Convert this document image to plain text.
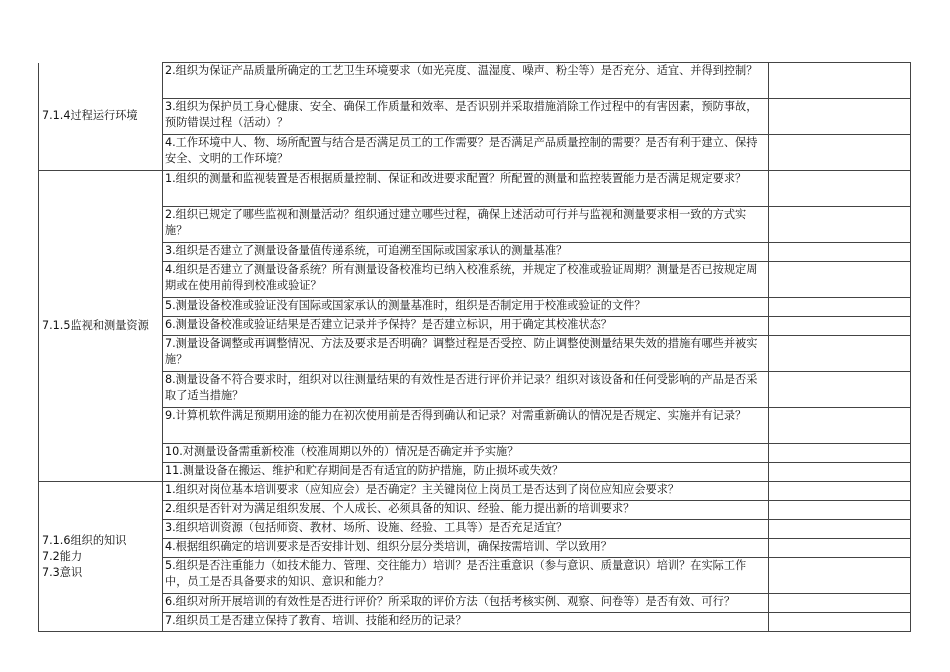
7.1.4过程运行环境	2.组织为保证产品质量所确定的工艺卫生环境要求（如光亮度、温湿度、噪声、粉尘等）是否充分、适宜、并得到控制？	
	3.组织为保护员工身心健康、安全、确保工作质量和效率、是否识别并采取措施消除工作过程中的有害因素，预防事故，预防错误过程（活动）？	
	4.工作环境中人、物、场所配置与结合是否满足员工的工作需要？是否满足产品质量控制的需要？是否有利于建立、保持安全、文明的工作环境？	

7.1.5监视和测量资源	1.组织的测量和监视装置是否根据质量控制、保证和改进要求配置？所配置的测量和监控装置能力是否满足规定要求？	
	2.组织已规定了哪些监视和测量活动？组织通过建立哪些过程，确保上述活动可行并与监视和测量要求相一致的方式实施？	
	3.组织是否建立了测量设备量值传递系统，可追溯至国际或国家承认的测量基准？	
	4.组织是否建立了测量设备系统？所有测量设备校准均已纳入校准系统，并规定了校准或验证周期？测量是否已按规定周期或在使用前得到校准或验证？	
	5.测量设备校准或验证没有国际或国家承认的测量基准时，组织是否制定用于校准或验证的文件？	
	6.测量设备校准或验证结果是否建立记录并予保持？是否建立标识，用于确定其校准状态？	
	7.测量设备调整或再调整情况、方法及要求是否明确？调整过程是否受控、防止调整使测量结果失效的措施有哪些并被实施？	
	8.测量设备不符合要求时，组织对以往测量结果的有效性是否进行评价并记录？组织对该设备和任何受影响的产品是否采取了适当措施？	
	9.计算机软件满足预期用途的能力在初次使用前是否得到确认和记录？对需重新确认的情况是否规定、实施并有记录？	
	10.对测量设备需重新校准（校准周期以外的）情况是否确定并予实施？	
	11.测量设备在搬运、维护和贮存期间是否有适宜的防护措施，防止损坏或失效？	

7.1.6组织的知识
7.2能力
7.3意识	1.组织对岗位基本培训要求（应知应会）是否确定？主关键岗位上岗员工是否达到了岗位应知应会要求？	
	2.组织是否针对为满足组织发展、个人成长、必须具备的知识、经验、能力提出新的培训要求？	
	3.组织培训资源（包括师资、教材、场所、设施、经验、工具等）是否充足适宜？	
	4.根据组织确定的培训要求是否安排计划、组织分层分类培训，确保按需培训、学以致用？	
	5.组织是否注重能力（如技术能力、管理、交往能力）培训？是否注重意识（参与意识、质量意识）培训？在实际工作中，员工是否具备要求的知识、意识和能力？	
	6.组织对所开展培训的有效性是否进行评价？所采取的评价方法（包括考核实例、观察、问卷等）是否有效、可行？	
	7.组织员工是否建立保持了教育、培训、技能和经历的记录？	
